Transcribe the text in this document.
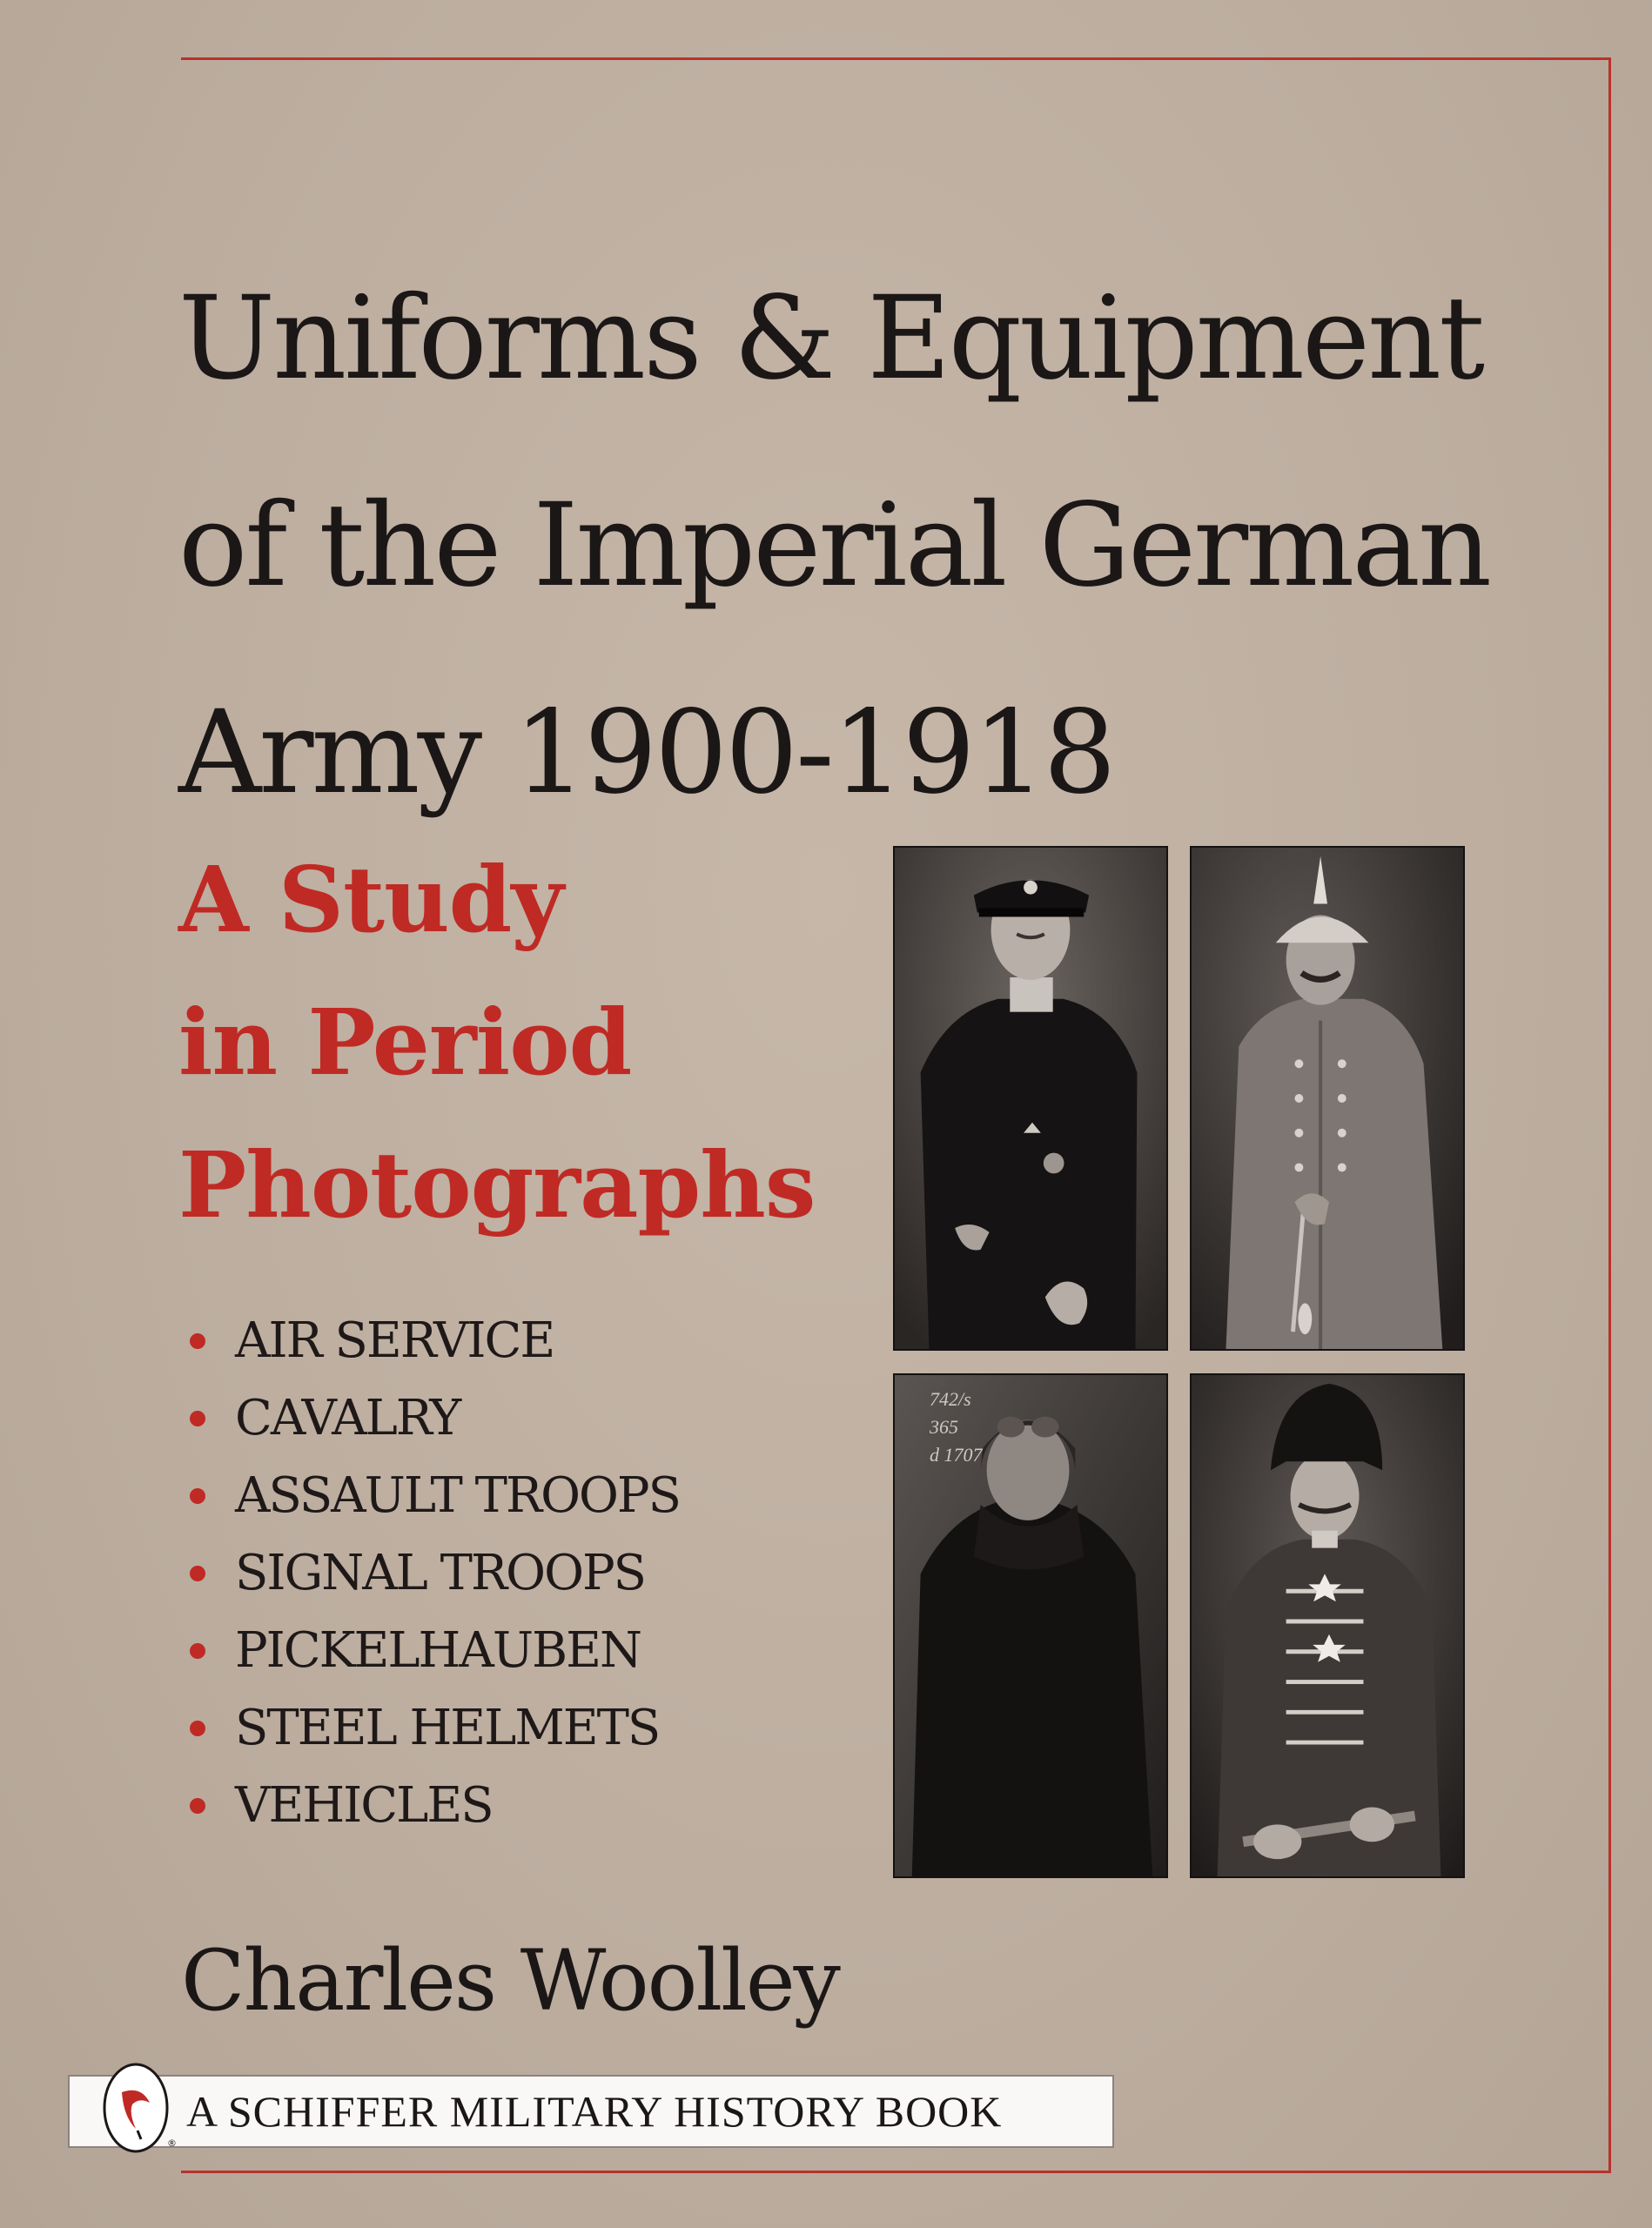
Uniforms & Equipment
of the Imperial German
Army 1900-1918
A Study
in Period
Photographs
AIR SERVICE
CAVALRY
ASSAULT TROOPS
SIGNAL TROOPS
PICKELHAUBEN
STEEL HELMETS
VEHICLES
Charles Woolley
742/s
365
d 1707
®
A SCHIFFER MILITARY HISTORY BOOK
